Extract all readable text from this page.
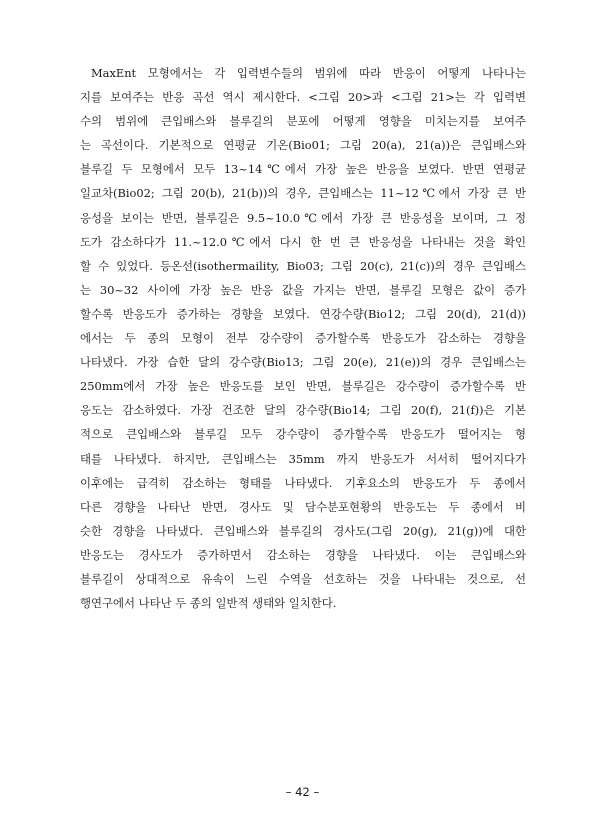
MaxEnt 모형에서는 각 입력변수들의 범위에 따라 반응이 어떻게 나타나는
지를 보여주는 반응 곡선 역시 제시한다. <그림 20>과 <그림 21>는 각 입력변
수의 범위에 큰입배스와 블루길의 분포에 어떻게 영향을 미치는지를 보여주
는 곡선이다. 기본적으로 연평균 기온(Bio01; 그림 20(a), 21(a))은 큰입배스와
블루길 두 모형에서 모두 13~14℃에서 가장 높은 반응을 보였다. 반면 연평균
일교차(Bio02; 그림 20(b), 21(b))의 경우, 큰입배스는 11~12℃에서 가장 큰 반
응성을 보이는 반면, 블루길은 9.5~10.0℃에서 가장 큰 반응성을 보이며, 그 정
도가 감소하다가 11.~12.0℃에서 다시 한 번 큰 반응성을 나타내는 것을 확인
할 수 있었다. 등온선(isothermaility, Bio03; 그림 20(c), 21(c))의 경우 큰입배스
는 30~32 사이에 가장 높은 반응 값을 가지는 반면, 블루길 모형은 값이 증가
할수록 반응도가 증가하는 경향을 보였다. 연강수량(Bio12; 그림 20(d), 21(d))
에서는 두 종의 모형이 전부 강수량이 증가할수록 반응도가 감소하는 경향을
나타냈다. 가장 습한 달의 강수량(Bio13; 그림 20(e), 21(e))의 경우 큰입배스는
250mm에서 가장 높은 반응도를 보인 반면, 블루길은 강수량이 증가할수록 반
응도는 감소하였다. 가장 건조한 달의 강수량(Bio14; 그림 20(f), 21(f))은 기본
적으로 큰입배스와 블루길 모두 강수량이 증가할수록 반응도가 떨어지는 형
태를 나타냈다. 하지만, 큰입배스는 35mm 까지 반응도가 서서히 떨어지다가
이후에는 급격히 감소하는 형태를 나타냈다. 기후요소의 반응도가 두 종에서
다른 경향을 나타난 반면, 경사도 및 담수분포현황의 반응도는 두 종에서 비
슷한 경향을 나타냈다. 큰입배스와 블루길의 경사도(그림 20(g), 21(g))에 대한
반응도는 경사도가 증가하면서 감소하는 경향을 나타냈다. 이는 큰입배스와
블루길이 상대적으로 유속이 느린 수역을 선호하는 것을 나타내는 것으로, 선
행연구에서 나타난 두 종의 일반적 생태와 일치한다.
– 42 –
